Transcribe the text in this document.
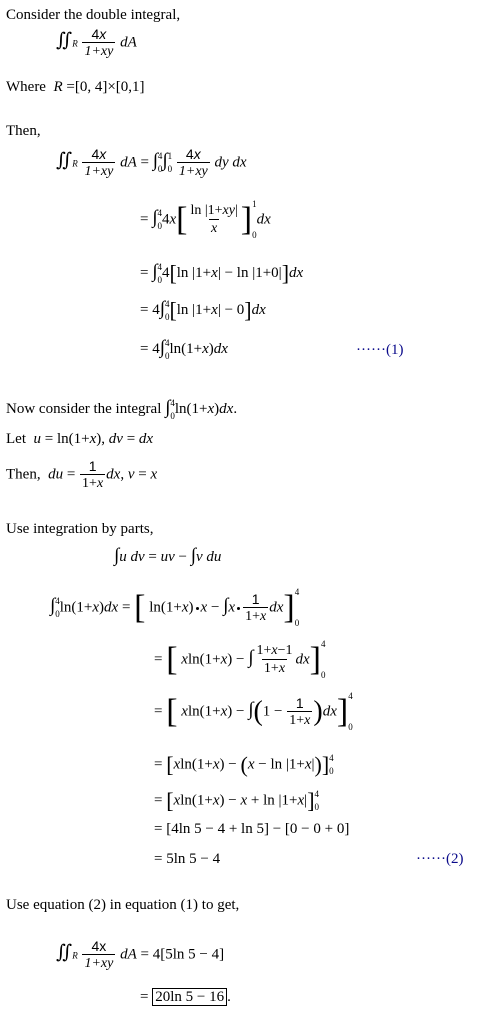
Consider the double integral,
∬R $\frac{4x}{1+xy}$ dA
Where R =[0, 4]×[0,1]
Then,
∬R $\frac{4x}{1+xy}$ dA = ∫ 4
0 ∫ 1
0
$\frac{4x}{1+xy}$ dy dx
= ∫ 4
0 $4x[ \frac{\ln |1+xy|}{x}$ ] 1
0
dx
= ∫ 4
0 4[ln |1+x| − ln |1+0|]dx
= 4∫ 4
0 [ln |1+x| − 0]dx
= 4∫ 4
0 ln(1+x)dx	······(1)
Now consider the integral ∫ 4
0 ln(1+x)dx.
Let u = ln(1+x), dv = dx
Then, du = $\frac{1}{1+x}$ dx, v = x
Use integration by parts,
∫u dv = uv − ∫v du
∫ 4
0 ln(1+x)dx = [ ln(1+x) $x - \int x \frac{1}{1+x} dx$] 4
0
= [ xln(1+x) − ∫ $\frac{1+x-1}{1+x} dx$] 4
0
= [ $xln(1+x) - \int(1 - \frac{1}{1+x} )dx$] 4
0
= [xln(1+x) − (x − ln |1+x|)] 4
0
= [xln(1+x) − x + ln |1+x|] 4
0
= [4ln 5 − 4 + ln 5] − [0 − 0 + 0]
= 5ln 5 − 4	······(2)
Use equation (2) in equation (1) to get,
∬R $\frac{4x}{1+xy}$ dA = 4[5ln 5 − 4]
= 20ln 5 − 16 .
